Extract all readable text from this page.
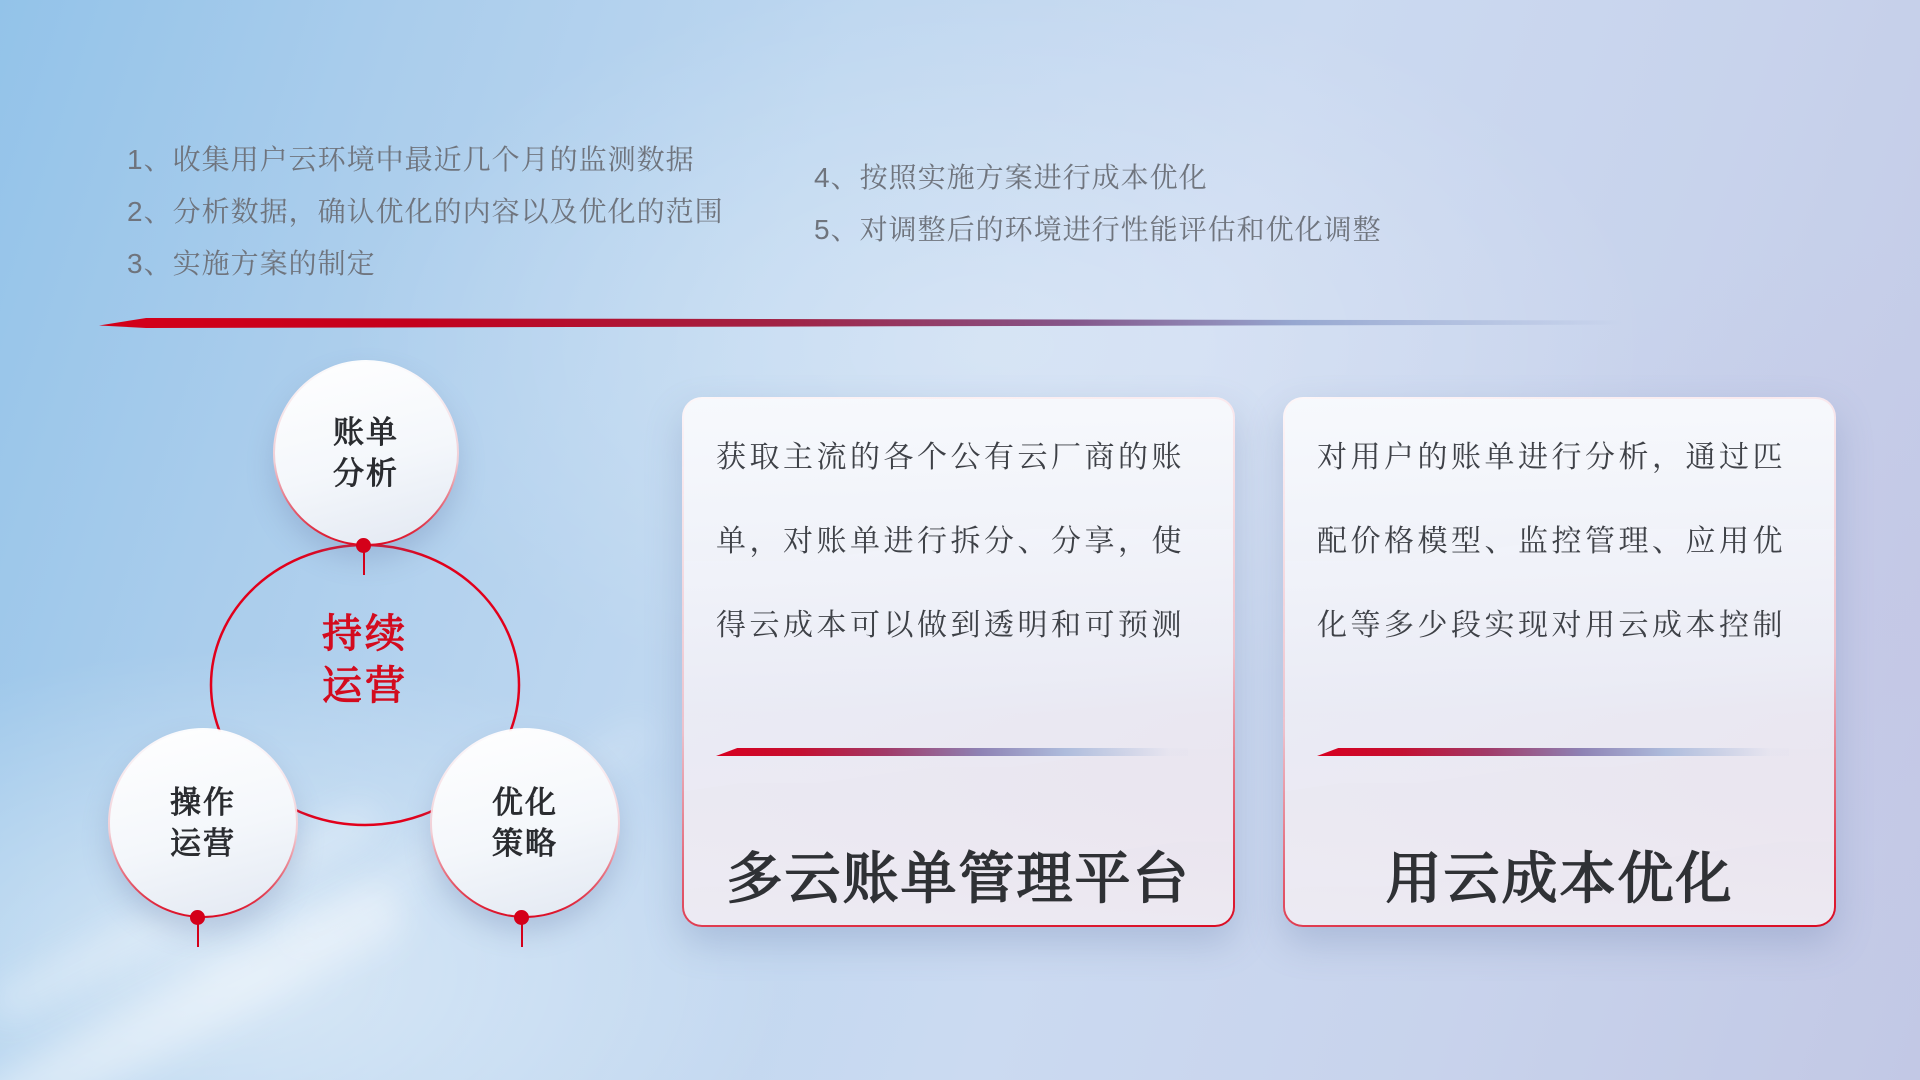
1、收集用户云环境中最近几个月的监测数据
2、分析数据，确认优化的内容以及优化的范围
3、实施方案的制定
4、按照实施方案进行成本优化
5、对调整后的环境进行性能评估和优化调整
账单
分析
操作
运营
优化
策略
持续
运营
获取主流的各个公有云厂商的账
单，对账单进行拆分、分享，使
得云成本可以做到透明和可预测
多云账单管理平台
对用户的账单进行分析，通过匹
配价格模型、监控管理、应用优
化等多少段实现对用云成本控制
用云成本优化
